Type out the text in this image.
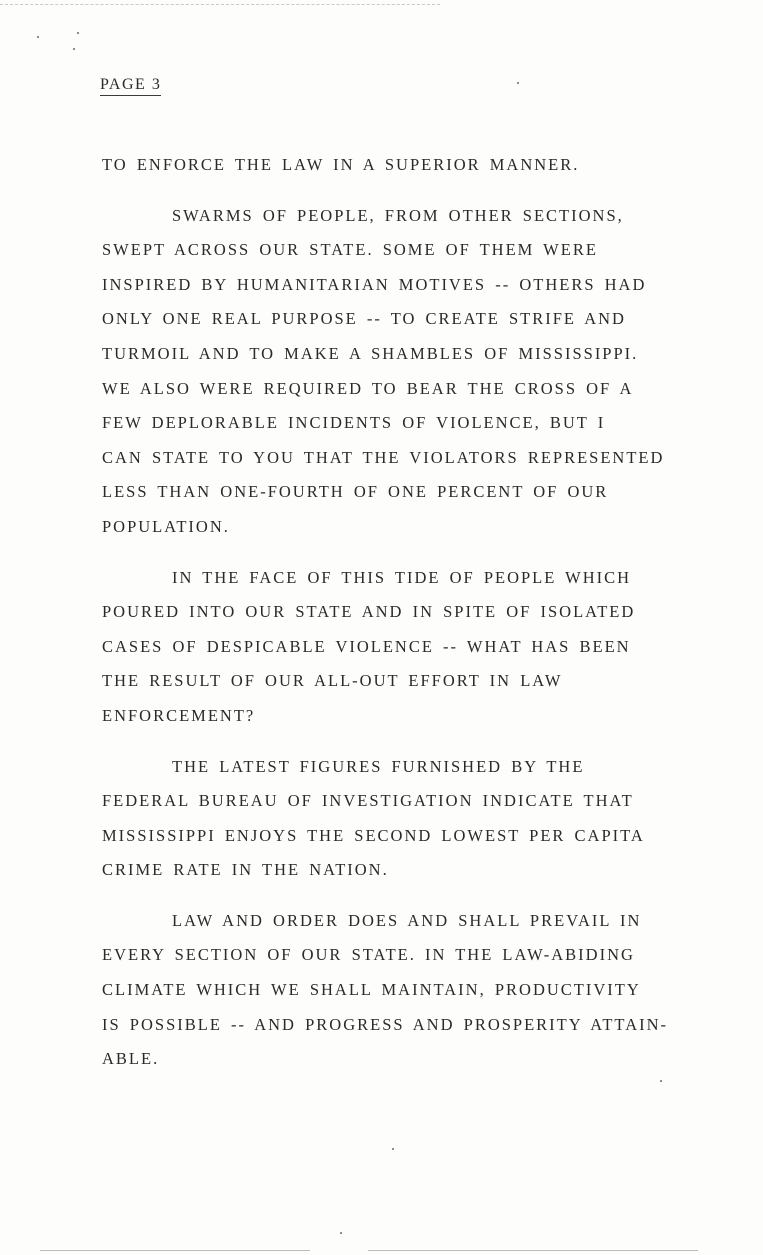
PAGE 3
TO ENFORCE THE LAW IN A SUPERIOR MANNER.
SWARMS OF PEOPLE, FROM OTHER SECTIONS,
SWEPT ACROSS OUR STATE. SOME OF THEM WERE
INSPIRED BY HUMANITARIAN MOTIVES -- OTHERS HAD
ONLY ONE REAL PURPOSE -- TO CREATE STRIFE AND
TURMOIL AND TO MAKE A SHAMBLES OF MISSISSIPPI.
WE ALSO WERE REQUIRED TO BEAR THE CROSS OF A
FEW DEPLORABLE INCIDENTS OF VIOLENCE, BUT I
CAN STATE TO YOU THAT THE VIOLATORS REPRESENTED
LESS THAN ONE-FOURTH OF ONE PERCENT OF OUR
POPULATION.
IN THE FACE OF THIS TIDE OF PEOPLE WHICH
POURED INTO OUR STATE AND IN SPITE OF ISOLATED
CASES OF DESPICABLE VIOLENCE -- WHAT HAS BEEN
THE RESULT OF OUR ALL-OUT EFFORT IN LAW
ENFORCEMENT?
THE LATEST FIGURES FURNISHED BY THE
FEDERAL BUREAU OF INVESTIGATION INDICATE THAT
MISSISSIPPI ENJOYS THE SECOND LOWEST PER CAPITA
CRIME RATE IN THE NATION.
LAW AND ORDER DOES AND SHALL PREVAIL IN
EVERY SECTION OF OUR STATE. IN THE LAW-ABIDING
CLIMATE WHICH WE SHALL MAINTAIN, PRODUCTIVITY
IS POSSIBLE -- AND PROGRESS AND PROSPERITY ATTAIN-
ABLE.
